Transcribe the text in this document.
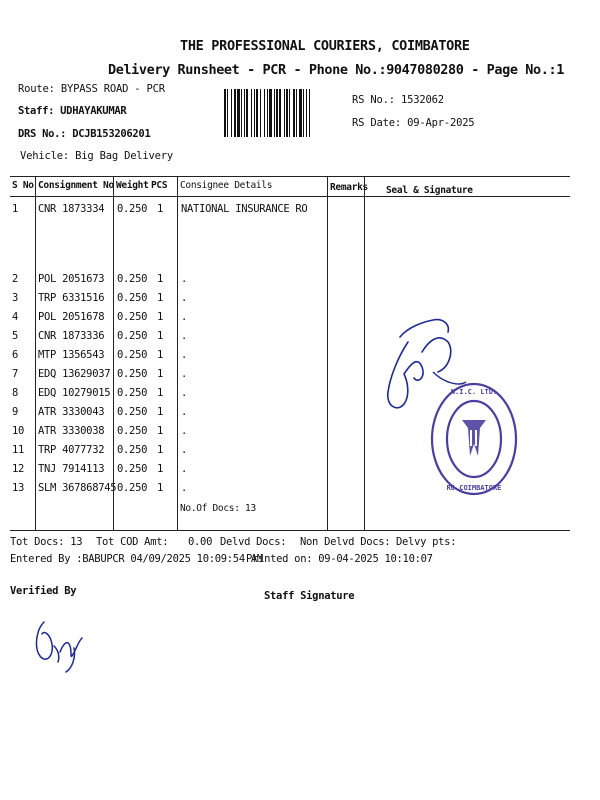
THE PROFESSIONAL COURIERS, COIMBATORE
Delivery Runsheet - PCR - Phone No.:9047080280 - Page No.:1
Route: BYPASS ROAD - PCR
Staff: UDHAYAKUMAR
DRS No.: DCJB153206201
Vehicle: Big Bag Delivery
RS No.: 1532062
RS Date: 09-Apr-2025
S No Consignment No Weight PCS Consignee Details	Remarks Seal & Signature
1 CNR 1873334 0.250 1 NATIONAL INSURANCE RO
2 POL 2051673 0.250 1 .
3 TRP 6331516 0.250 1 .
4 POL 2051678 0.250 1 .
5 CNR 1873336 0.250 1 .
6 MTP 1356543 0.250 1 .
7 EDQ 13629037 0.250 1 .
8 EDQ 10279015 0.250 1 .
9 ATR 3330043 0.250 1 .
10 ATR 3330038 0.250 1 .
11 TRP 4077732 0.250 1 .
12 TNJ 7914113 0.250 1 .
13 SLM 367868745 0.250 1 .
No.Of Docs: 13
N.I.C. LTD.
RO COIMBATORE
Tot Docs: 13 Tot COD Amt: 0.00 Delvd Docs: Non Delvd Docs: Delvy pts:
Entered By :BABUPCR 04/09/2025 10:09:54 AM
Printed on: 09-04-2025 10:10:07
Verified By	Staff Signature
